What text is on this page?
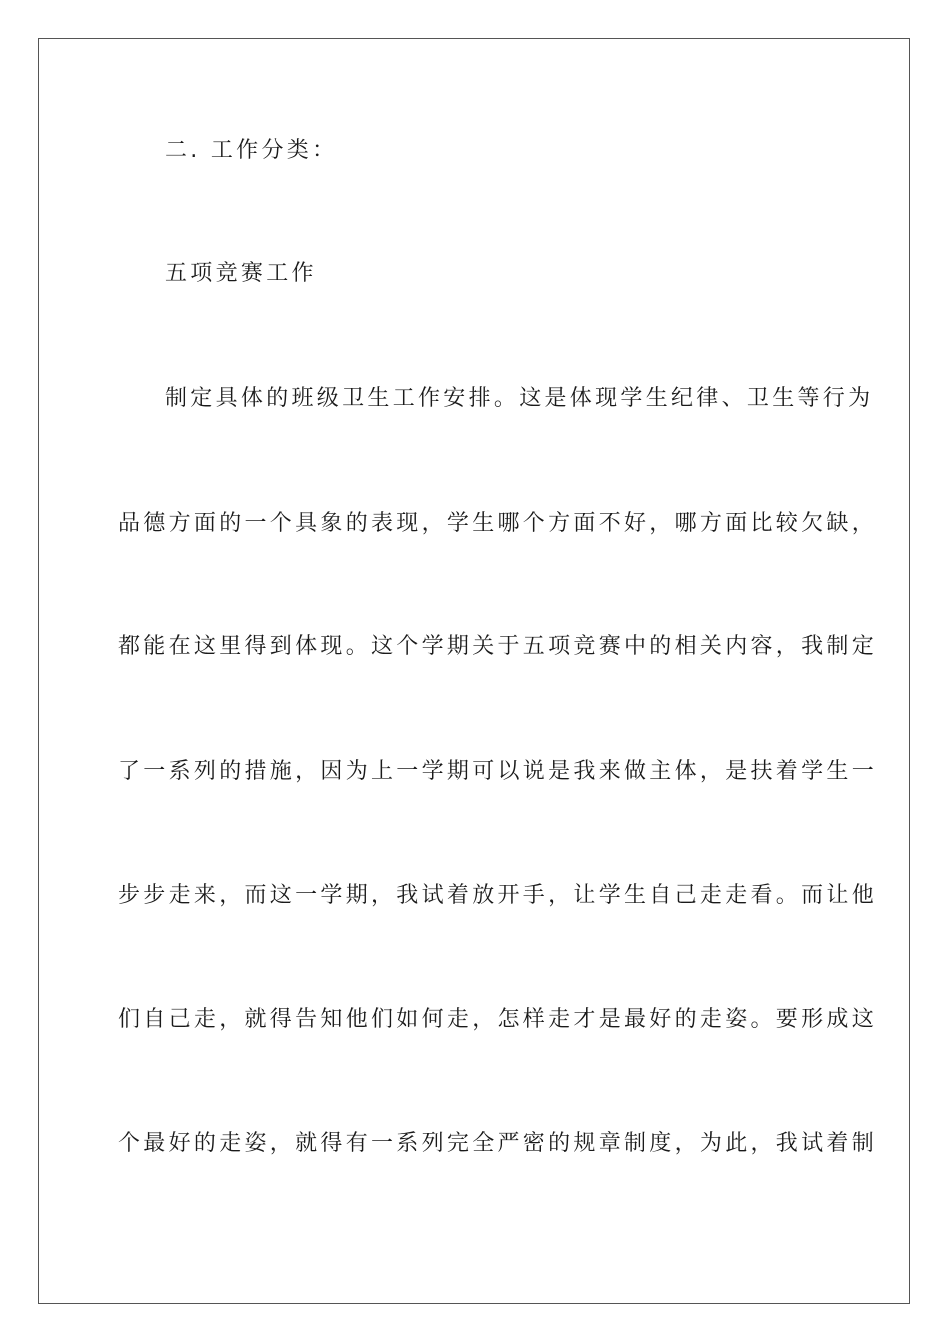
二. 工作分类：

五项竞赛工作

制定具体的班级卫生工作安排。这是体现学生纪律、卫生等行为

品德方面的一个具象的表现，学生哪个方面不好，哪方面比较欠缺，

都能在这里得到体现。这个学期关于五项竞赛中的相关内容，我制定

了一系列的措施，因为上一学期可以说是我来做主体，是扶着学生一

步步走来，而这一学期，我试着放开手，让学生自己走走看。而让他

们自己走，就得告知他们如何走，怎样走才是最好的走姿。要形成这

个最好的走姿，就得有一系列完全严密的规章制度，为此，我试着制
